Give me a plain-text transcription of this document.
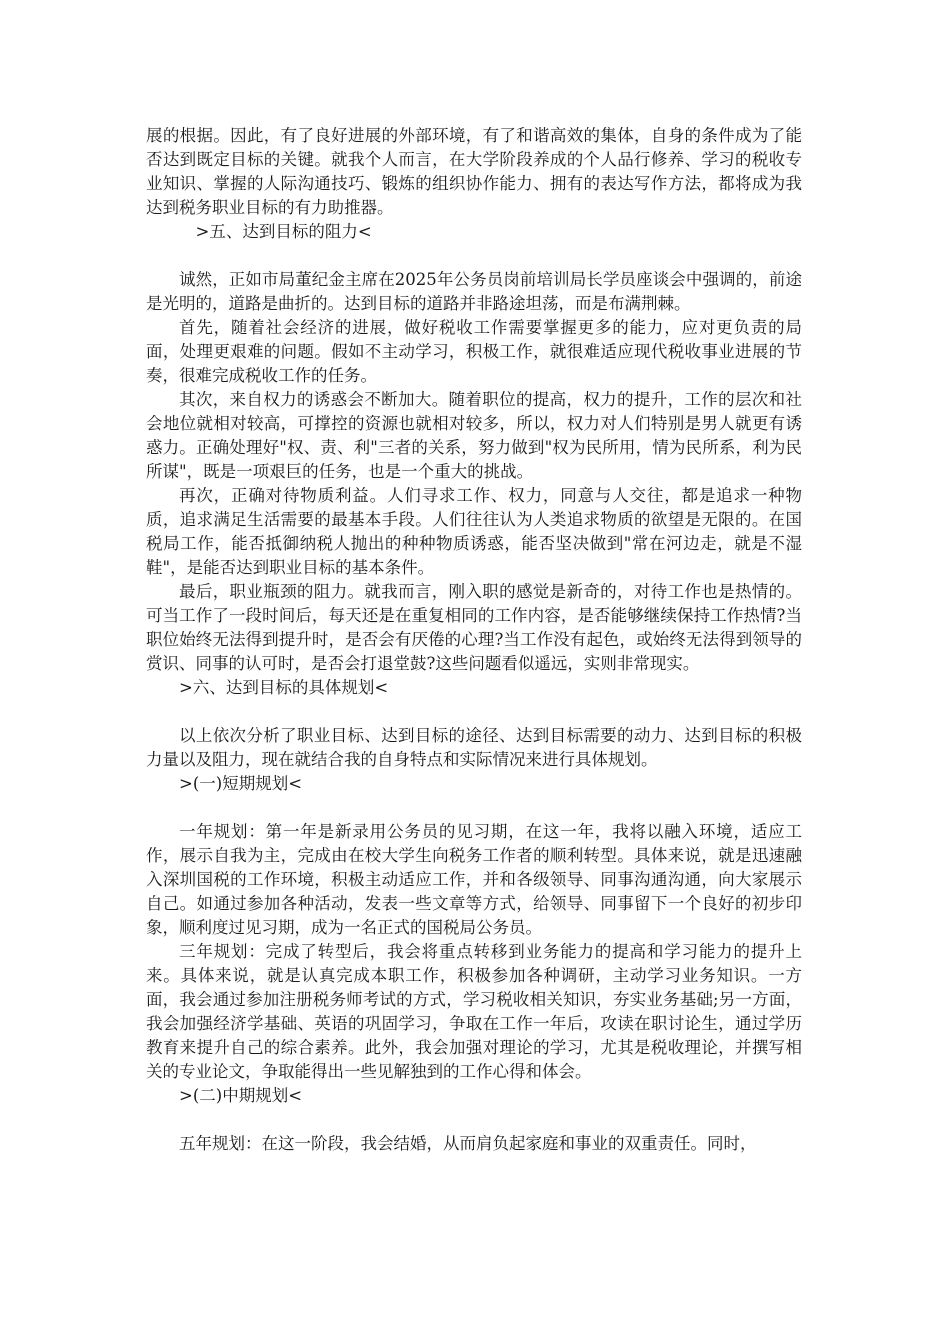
展的根据。因此，有了良好进展的外部环境，有了和谐高效的集体，自身的条件成为了能否达到既定目标的关键。就我个人而言，在大学阶段养成的个人品行修养、学习的税收专业知识、掌握的人际沟通技巧、锻炼的组织协作能力、拥有的表达写作方法，都将成为我达到税务职业目标的有力助推器。

>五、达到目标的阻力<

诚然，正如市局董纪金主席在2025年公务员岗前培训局长学员座谈会中强调的，前途是光明的，道路是曲折的。达到目标的道路并非路途坦荡，而是布满荆棘。

首先，随着社会经济的进展，做好税收工作需要掌握更多的能力，应对更负责的局面，处理更艰难的问题。假如不主动学习，积极工作，就很难适应现代税收事业进展的节奏，很难完成税收工作的任务。

其次，来自权力的诱惑会不断加大。随着职位的提高，权力的提升，工作的层次和社会地位就相对较高，可撑控的资源也就相对较多，所以，权力对人们特别是男人就更有诱惑力。正确处理好"权、责、利"三者的关系，努力做到"权为民所用，情为民所系，利为民所谋"，既是一项艰巨的任务，也是一个重大的挑战。

再次，正确对待物质利益。人们寻求工作、权力，同意与人交往，都是追求一种物质，追求满足生活需要的最基本手段。人们往往认为人类追求物质的欲望是无限的。在国税局工作，能否抵御纳税人抛出的种种物质诱惑，能否坚决做到"常在河边走，就是不湿鞋"，是能否达到职业目标的基本条件。

最后，职业瓶颈的阻力。就我而言，刚入职的感觉是新奇的，对待工作也是热情的。可当工作了一段时间后，每天还是在重复相同的工作内容，是否能够继续保持工作热情?当职位始终无法得到提升时，是否会有厌倦的心理?当工作没有起色，或始终无法得到领导的赏识、同事的认可时，是否会打退堂鼓?这些问题看似遥远，实则非常现实。

>六、达到目标的具体规划<

以上依次分析了职业目标、达到目标的途径、达到目标需要的动力、达到目标的积极力量以及阻力，现在就结合我的自身特点和实际情况来进行具体规划。

>(一)短期规划<

一年规划：第一年是新录用公务员的见习期，在这一年，我将以融入环境，适应工作，展示自我为主，完成由在校大学生向税务工作者的顺利转型。具体来说，就是迅速融入深圳国税的工作环境，积极主动适应工作，并和各级领导、同事沟通沟通，向大家展示自己。如通过参加各种活动，发表一些文章等方式，给领导、同事留下一个良好的初步印象，顺利度过见习期，成为一名正式的国税局公务员。

三年规划：完成了转型后，我会将重点转移到业务能力的提高和学习能力的提升上来。具体来说，就是认真完成本职工作，积极参加各种调研，主动学习业务知识。一方面，我会通过参加注册税务师考试的方式，学习税收相关知识，夯实业务基础;另一方面，我会加强经济学基础、英语的巩固学习，争取在工作一年后，攻读在职讨论生，通过学历教育来提升自己的综合素养。此外，我会加强对理论的学习，尤其是税收理论，并撰写相关的专业论文，争取能得出一些见解独到的工作心得和体会。

>(二)中期规划<

五年规划：在这一阶段，我会结婚，从而肩负起家庭和事业的双重责任。同时，
